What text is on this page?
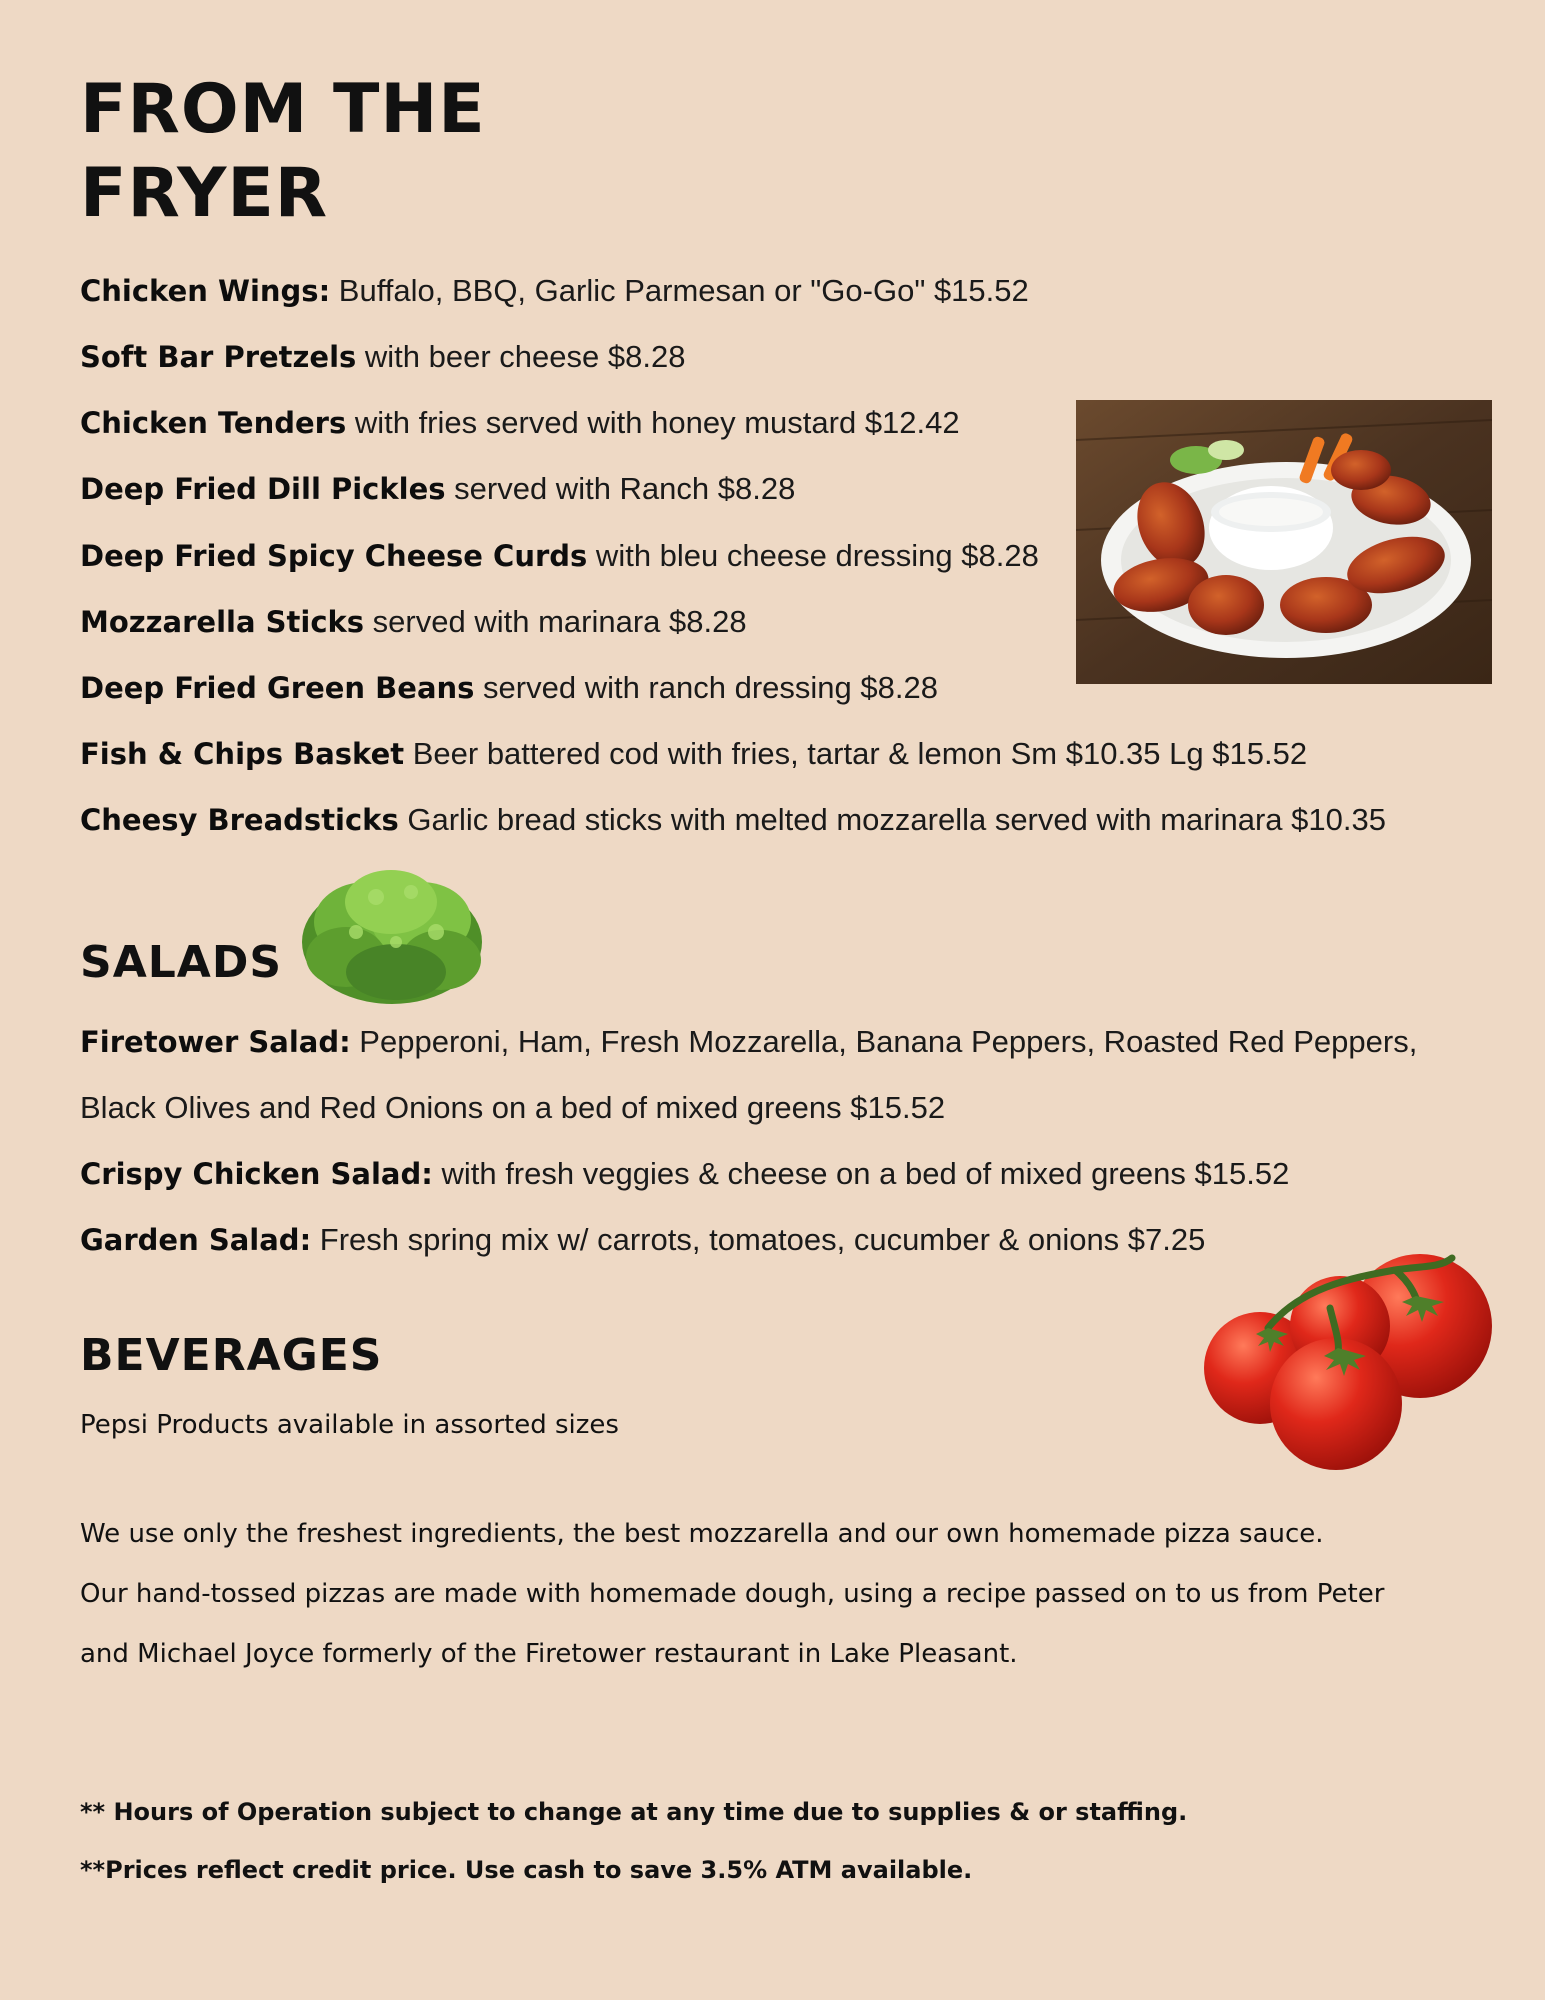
FROM THE
FRYER

Chicken Wings: Buffalo, BBQ, Garlic Parmesan or "Go-Go" $15.52

Soft Bar Pretzels with beer cheese $8.28

Chicken Tenders with fries served with honey mustard $12.42

Deep Fried Dill Pickles served with Ranch $8.28

Deep Fried Spicy Cheese Curds with bleu cheese dressing $8.28

Mozzarella Sticks served with marinara $8.28

Deep Fried Green Beans served with ranch dressing $8.28

Fish & Chips Basket Beer battered cod with fries, tartar & lemon Sm $10.35 Lg $15.52

Cheesy Breadsticks Garlic bread sticks with melted mozzarella served with marinara $10.35

SALADS

Firetower Salad: Pepperoni, Ham, Fresh Mozzarella, Banana Peppers, Roasted Red Peppers,

Black Olives and Red Onions on a bed of mixed greens $15.52

Crispy Chicken Salad: with fresh veggies & cheese on a bed of mixed greens $15.52

Garden Salad: Fresh spring mix w/ carrots, tomatoes, cucumber & onions $7.25

BEVERAGES

Pepsi Products available in assorted sizes

We use only the freshest ingredients, the best mozzarella and our own homemade pizza sauce.

Our hand-tossed pizzas are made with homemade dough, using a recipe passed on to us from Peter

and Michael Joyce formerly of the Firetower restaurant in Lake Pleasant.

** Hours of Operation subject to change at any time due to supplies & or staffing.

**Prices reflect credit price. Use cash to save 3.5% ATM available.
